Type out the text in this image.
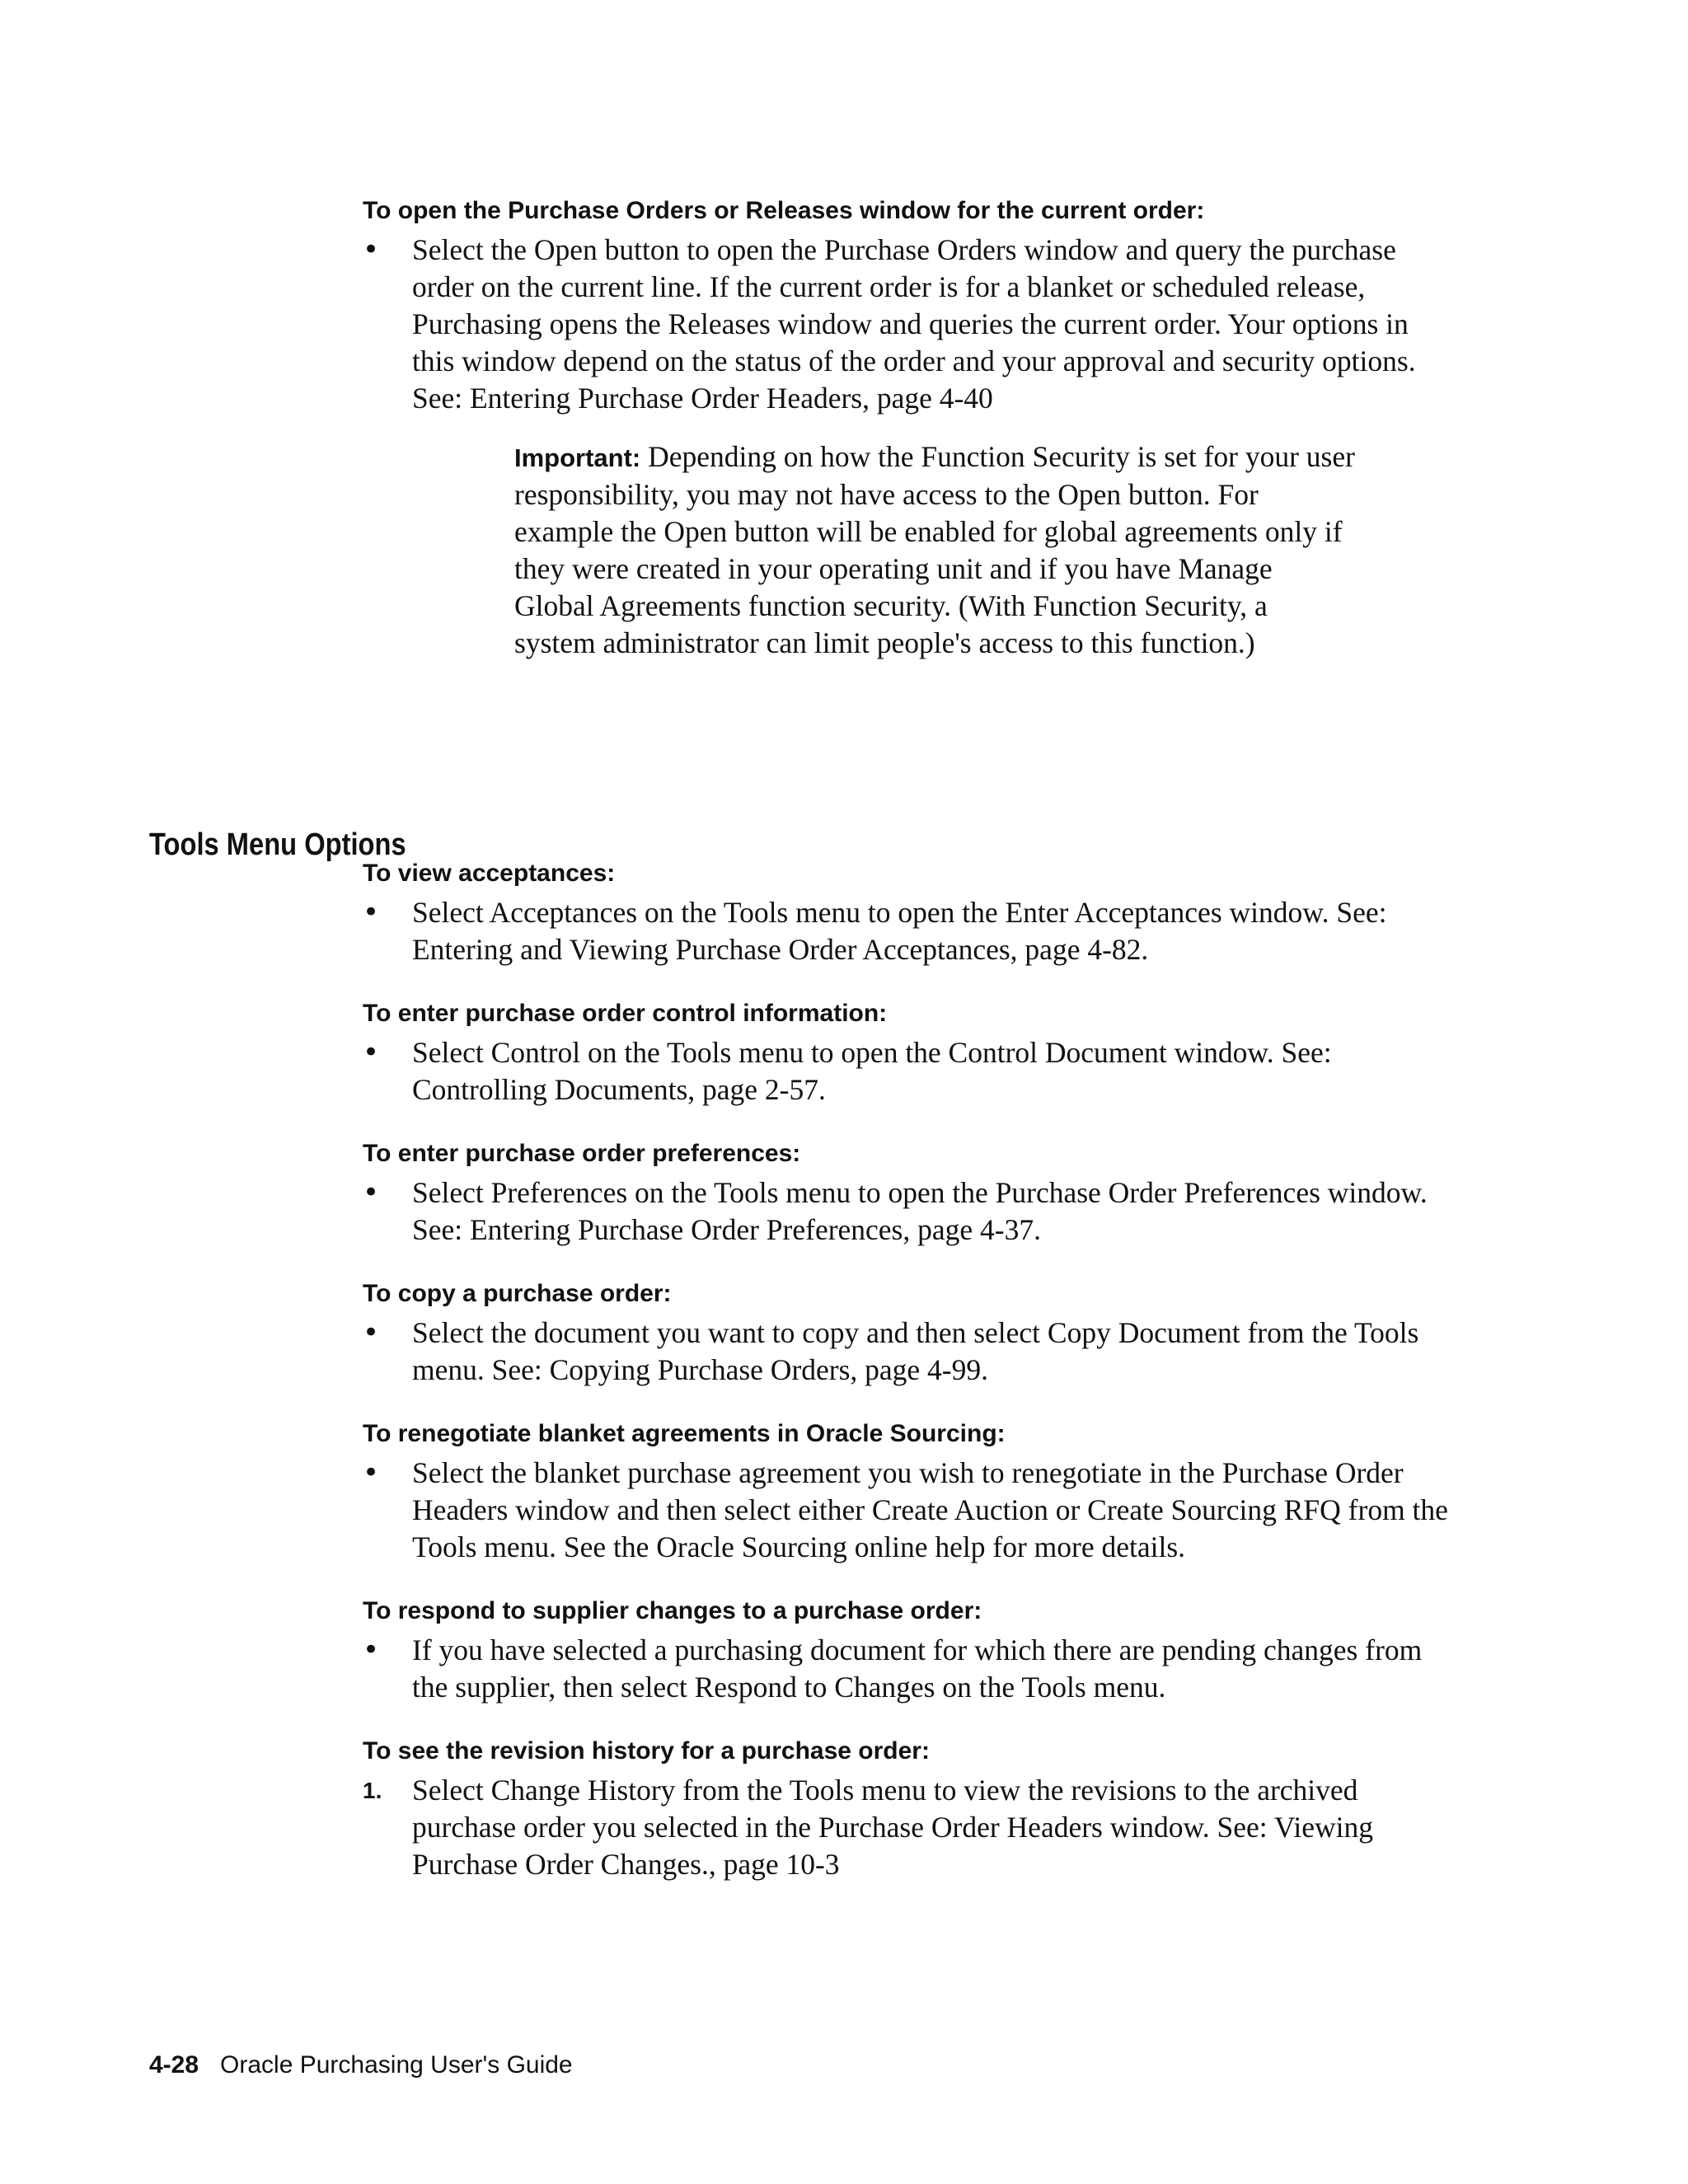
To open the Purchase Orders or Releases window for the current order:
• Select the Open button to open the Purchase Orders window and query the purchase order on the current line. If the current order is for a blanket or scheduled release, Purchasing opens the Releases window and queries the current order. Your options in this window depend on the status of the order and your approval and security options. See: Entering Purchase Order Headers, page 4-40

Important: Depending on how the Function Security is set for your user responsibility, you may not have access to the Open button. For example the Open button will be enabled for global agreements only if they were created in your operating unit and if you have Manage Global Agreements function security. (With Function Security, a system administrator can limit people's access to this function.)

Tools Menu Options
To view acceptances:
• Select Acceptances on the Tools menu to open the Enter Acceptances window. See: Entering and Viewing Purchase Order Acceptances, page 4-82.

To enter purchase order control information:
• Select Control on the Tools menu to open the Control Document window. See: Controlling Documents, page 2-57.

To enter purchase order preferences:
• Select Preferences on the Tools menu to open the Purchase Order Preferences window. See: Entering Purchase Order Preferences, page 4-37.

To copy a purchase order:
• Select the document you want to copy and then select Copy Document from the Tools menu. See: Copying Purchase Orders, page 4-99.

To renegotiate blanket agreements in Oracle Sourcing:
• Select the blanket purchase agreement you wish to renegotiate in the Purchase Order Headers window and then select either Create Auction or Create Sourcing RFQ from the Tools menu. See the Oracle Sourcing online help for more details.

To respond to supplier changes to a purchase order:
• If you have selected a purchasing document for which there are pending changes from the supplier, then select Respond to Changes on the Tools menu.

To see the revision history for a purchase order:
1. Select Change History from the Tools menu to view the revisions to the archived purchase order you selected in the Purchase Order Headers window. See: Viewing Purchase Order Changes., page 10-3

4-28 Oracle Purchasing User's Guide
